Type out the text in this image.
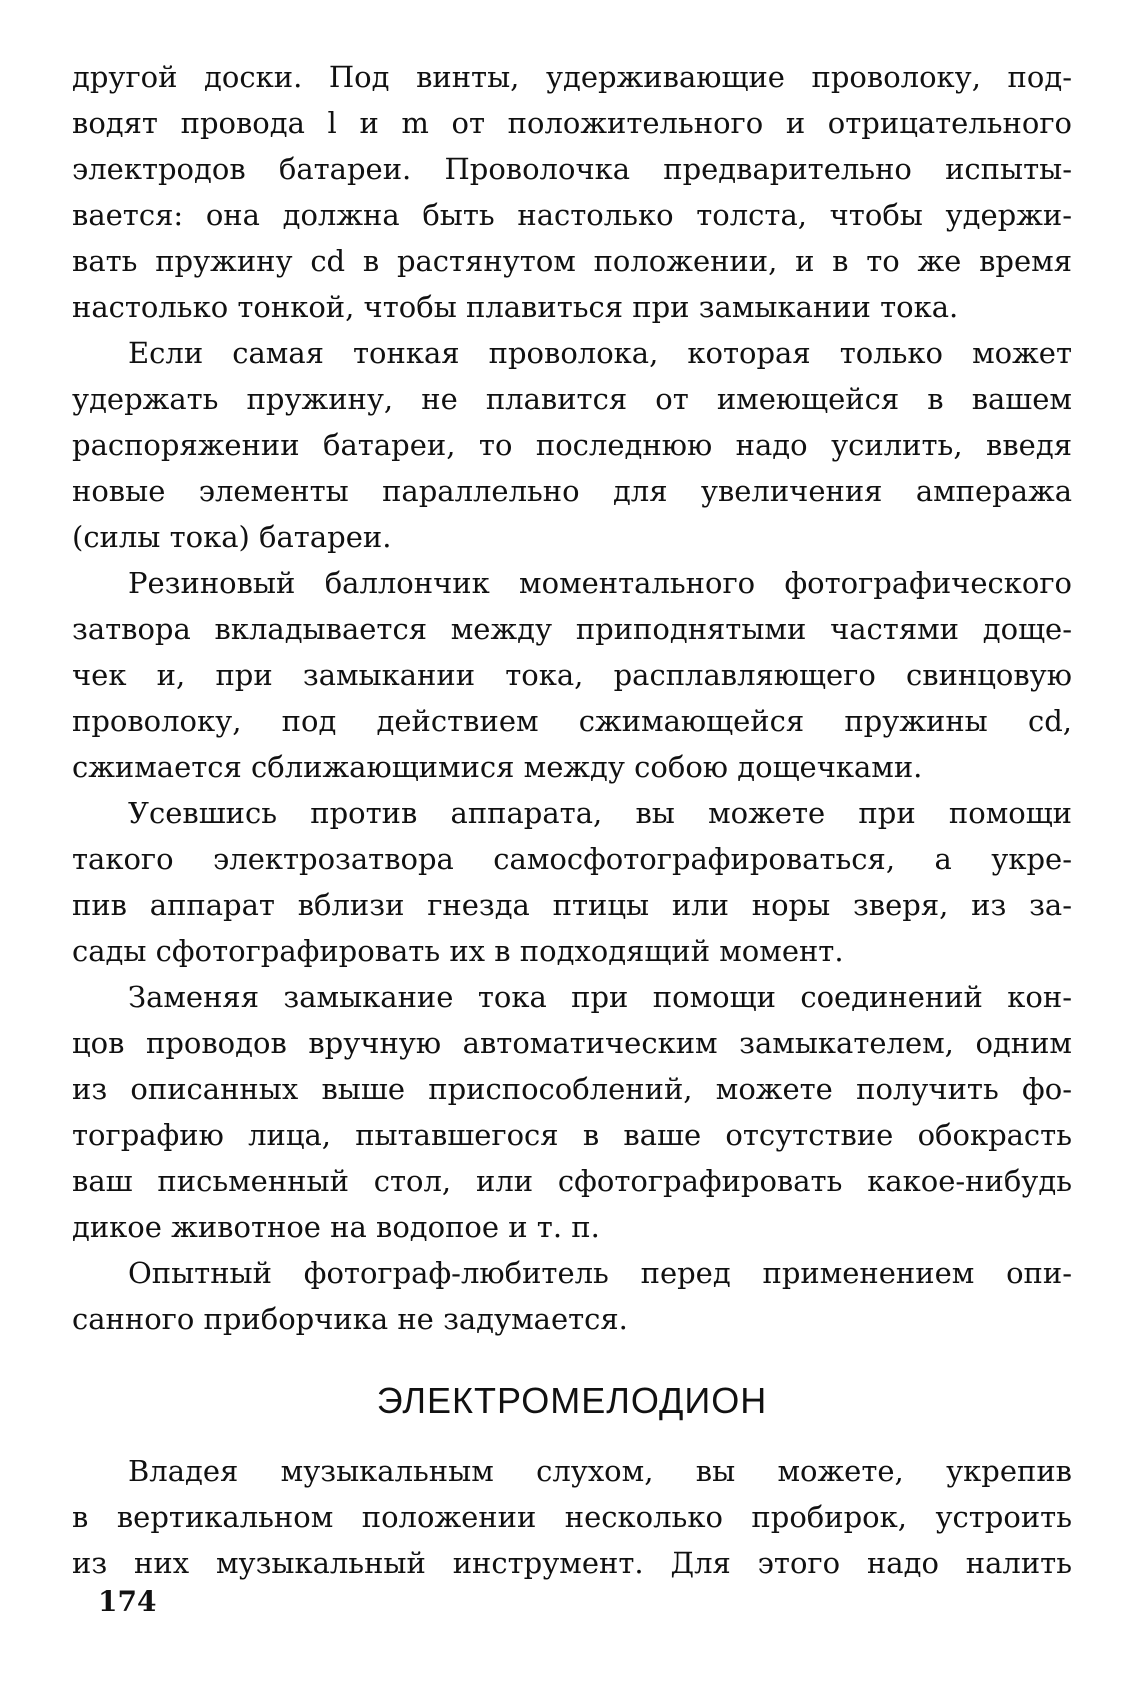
другой доски. Под винты, удерживающие проволоку, под-
водят провода l и m от положительного и отрицательного
электродов батареи. Проволочка предварительно испыты-
вается: она должна быть настолько толста, чтобы удержи-
вать пружину cd в растянутом положении, и в то же время
настолько тонкой, чтобы плавиться при замыкании тока.

Если самая тонкая проволока, которая только может
удержать пружину, не плавится от имеющейся в вашем
распоряжении батареи, то последнюю надо усилить, введя
новые элементы параллельно для увеличения ампеража
(силы тока) батареи.

Резиновый баллончик моментального фотографического
затвора вкладывается между приподнятыми частями доще-
чек и, при замыкании тока, расплавляющего свинцовую
проволоку, под действием сжимающейся пружины cd,
сжимается сближающимися между собою дощечками.

Усевшись против аппарата, вы можете при помощи
такого электрозатвора самосфотографироваться, а укре-
пив аппарат вблизи гнезда птицы или норы зверя, из за-
сады сфотографировать их в подходящий момент.

Заменяя замыкание тока при помощи соединений кон-
цов проводов вручную автоматическим замыкателем, одним
из описанных выше приспособлений, можете получить фо-
тографию лица, пытавшегося в ваше отсутствие обокрасть
ваш письменный стол, или сфотографировать какое-нибудь
дикое животное на водопое и т. п.

Опытный фотограф-любитель перед применением опи-
санного приборчика не задумается.

ЭЛЕКТРОМЕЛОДИОН

Владея музыкальным слухом, вы можете, укрепив
в вертикальном положении несколько пробирок, устроить
из них музыкальный инструмент. Для этого надо налить

174
